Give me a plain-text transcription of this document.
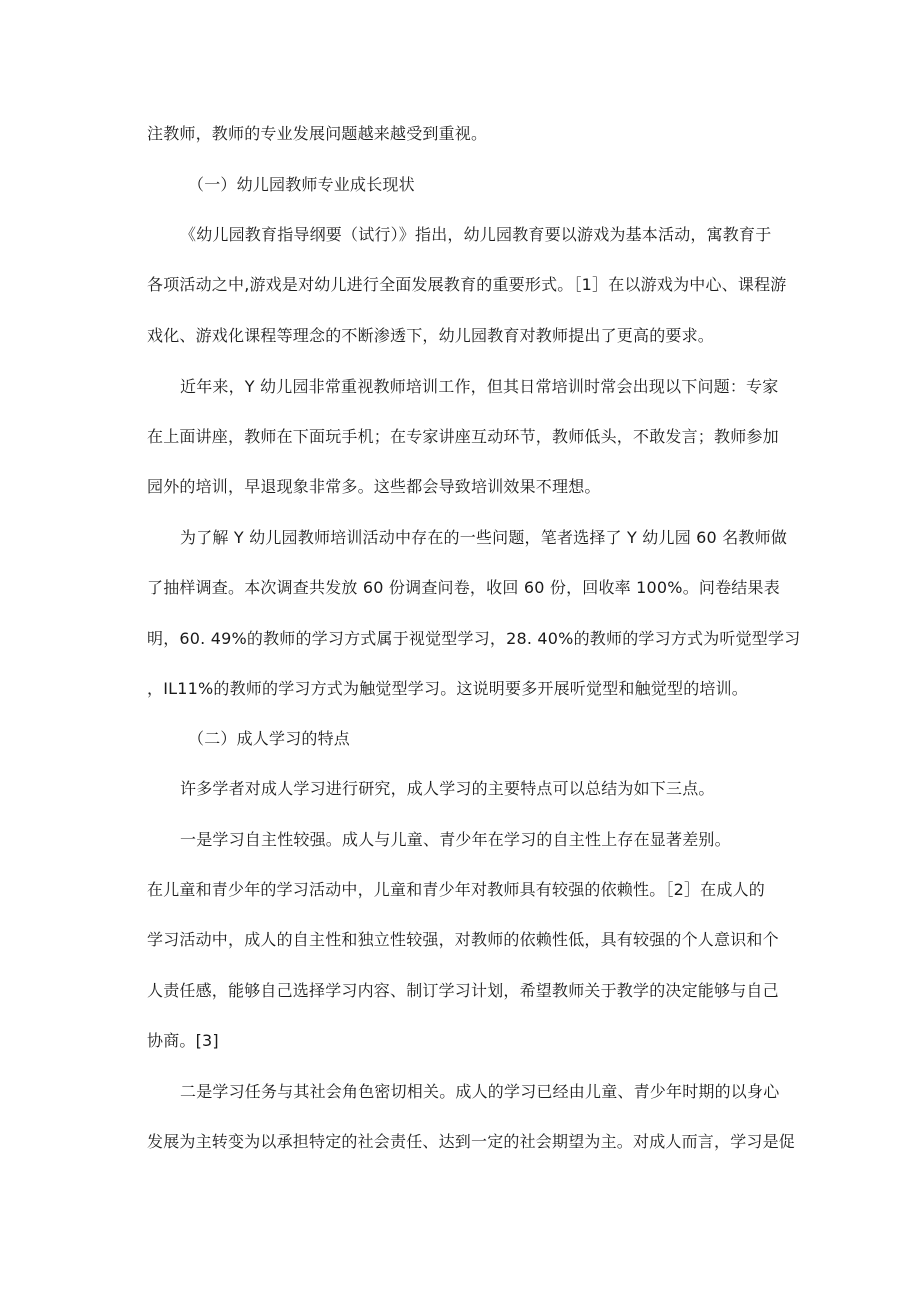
注教师，教师的专业发展问题越来越受到重视。
（一）幼儿园教师专业成长现状
《幼儿园教育指导纲要（试行）》指出，幼儿园教育要以游戏为基本活动，寓教育于
各项活动之中,游戏是对幼儿进行全面发展教育的重要形式。［1］在以游戏为中心、课程游
戏化、游戏化课程等理念的不断渗透下，幼儿园教育对教师提出了更高的要求。
近年来，Y 幼儿园非常重视教师培训工作，但其日常培训时常会出现以下问题：专家
在上面讲座，教师在下面玩手机；在专家讲座互动环节，教师低头，不敢发言；教师参加
园外的培训，早退现象非常多。这些都会导致培训效果不理想。
为了解 Y 幼儿园教师培训活动中存在的一些问题，笔者选择了 Y 幼儿园 60 名教师做
了抽样调查。本次调查共发放 60 份调查问卷，收回 60 份，回收率 100%。问卷结果表
明，60. 49%的教师的学习方式属于视觉型学习，28. 40%的教师的学习方式为听觉型学习
，IL11%的教师的学习方式为触觉型学习。这说明要多开展听觉型和触觉型的培训。
（二）成人学习的特点
许多学者对成人学习进行研究，成人学习的主要特点可以总结为如下三点。
一是学习自主性较强。成人与儿童、青少年在学习的自主性上存在显著差别。
在儿童和青少年的学习活动中，儿童和青少年对教师具有较强的依赖性。［2］在成人的
学习活动中，成人的自主性和独立性较强，对教师的依赖性低，具有较强的个人意识和个
人责任感，能够自己选择学习内容、制订学习计划，希望教师关于教学的决定能够与自己
协商。[3]
二是学习任务与其社会角色密切相关。成人的学习已经由儿童、青少年时期的以身心
发展为主转变为以承担特定的社会责任、达到一定的社会期望为主。对成人而言，学习是促
